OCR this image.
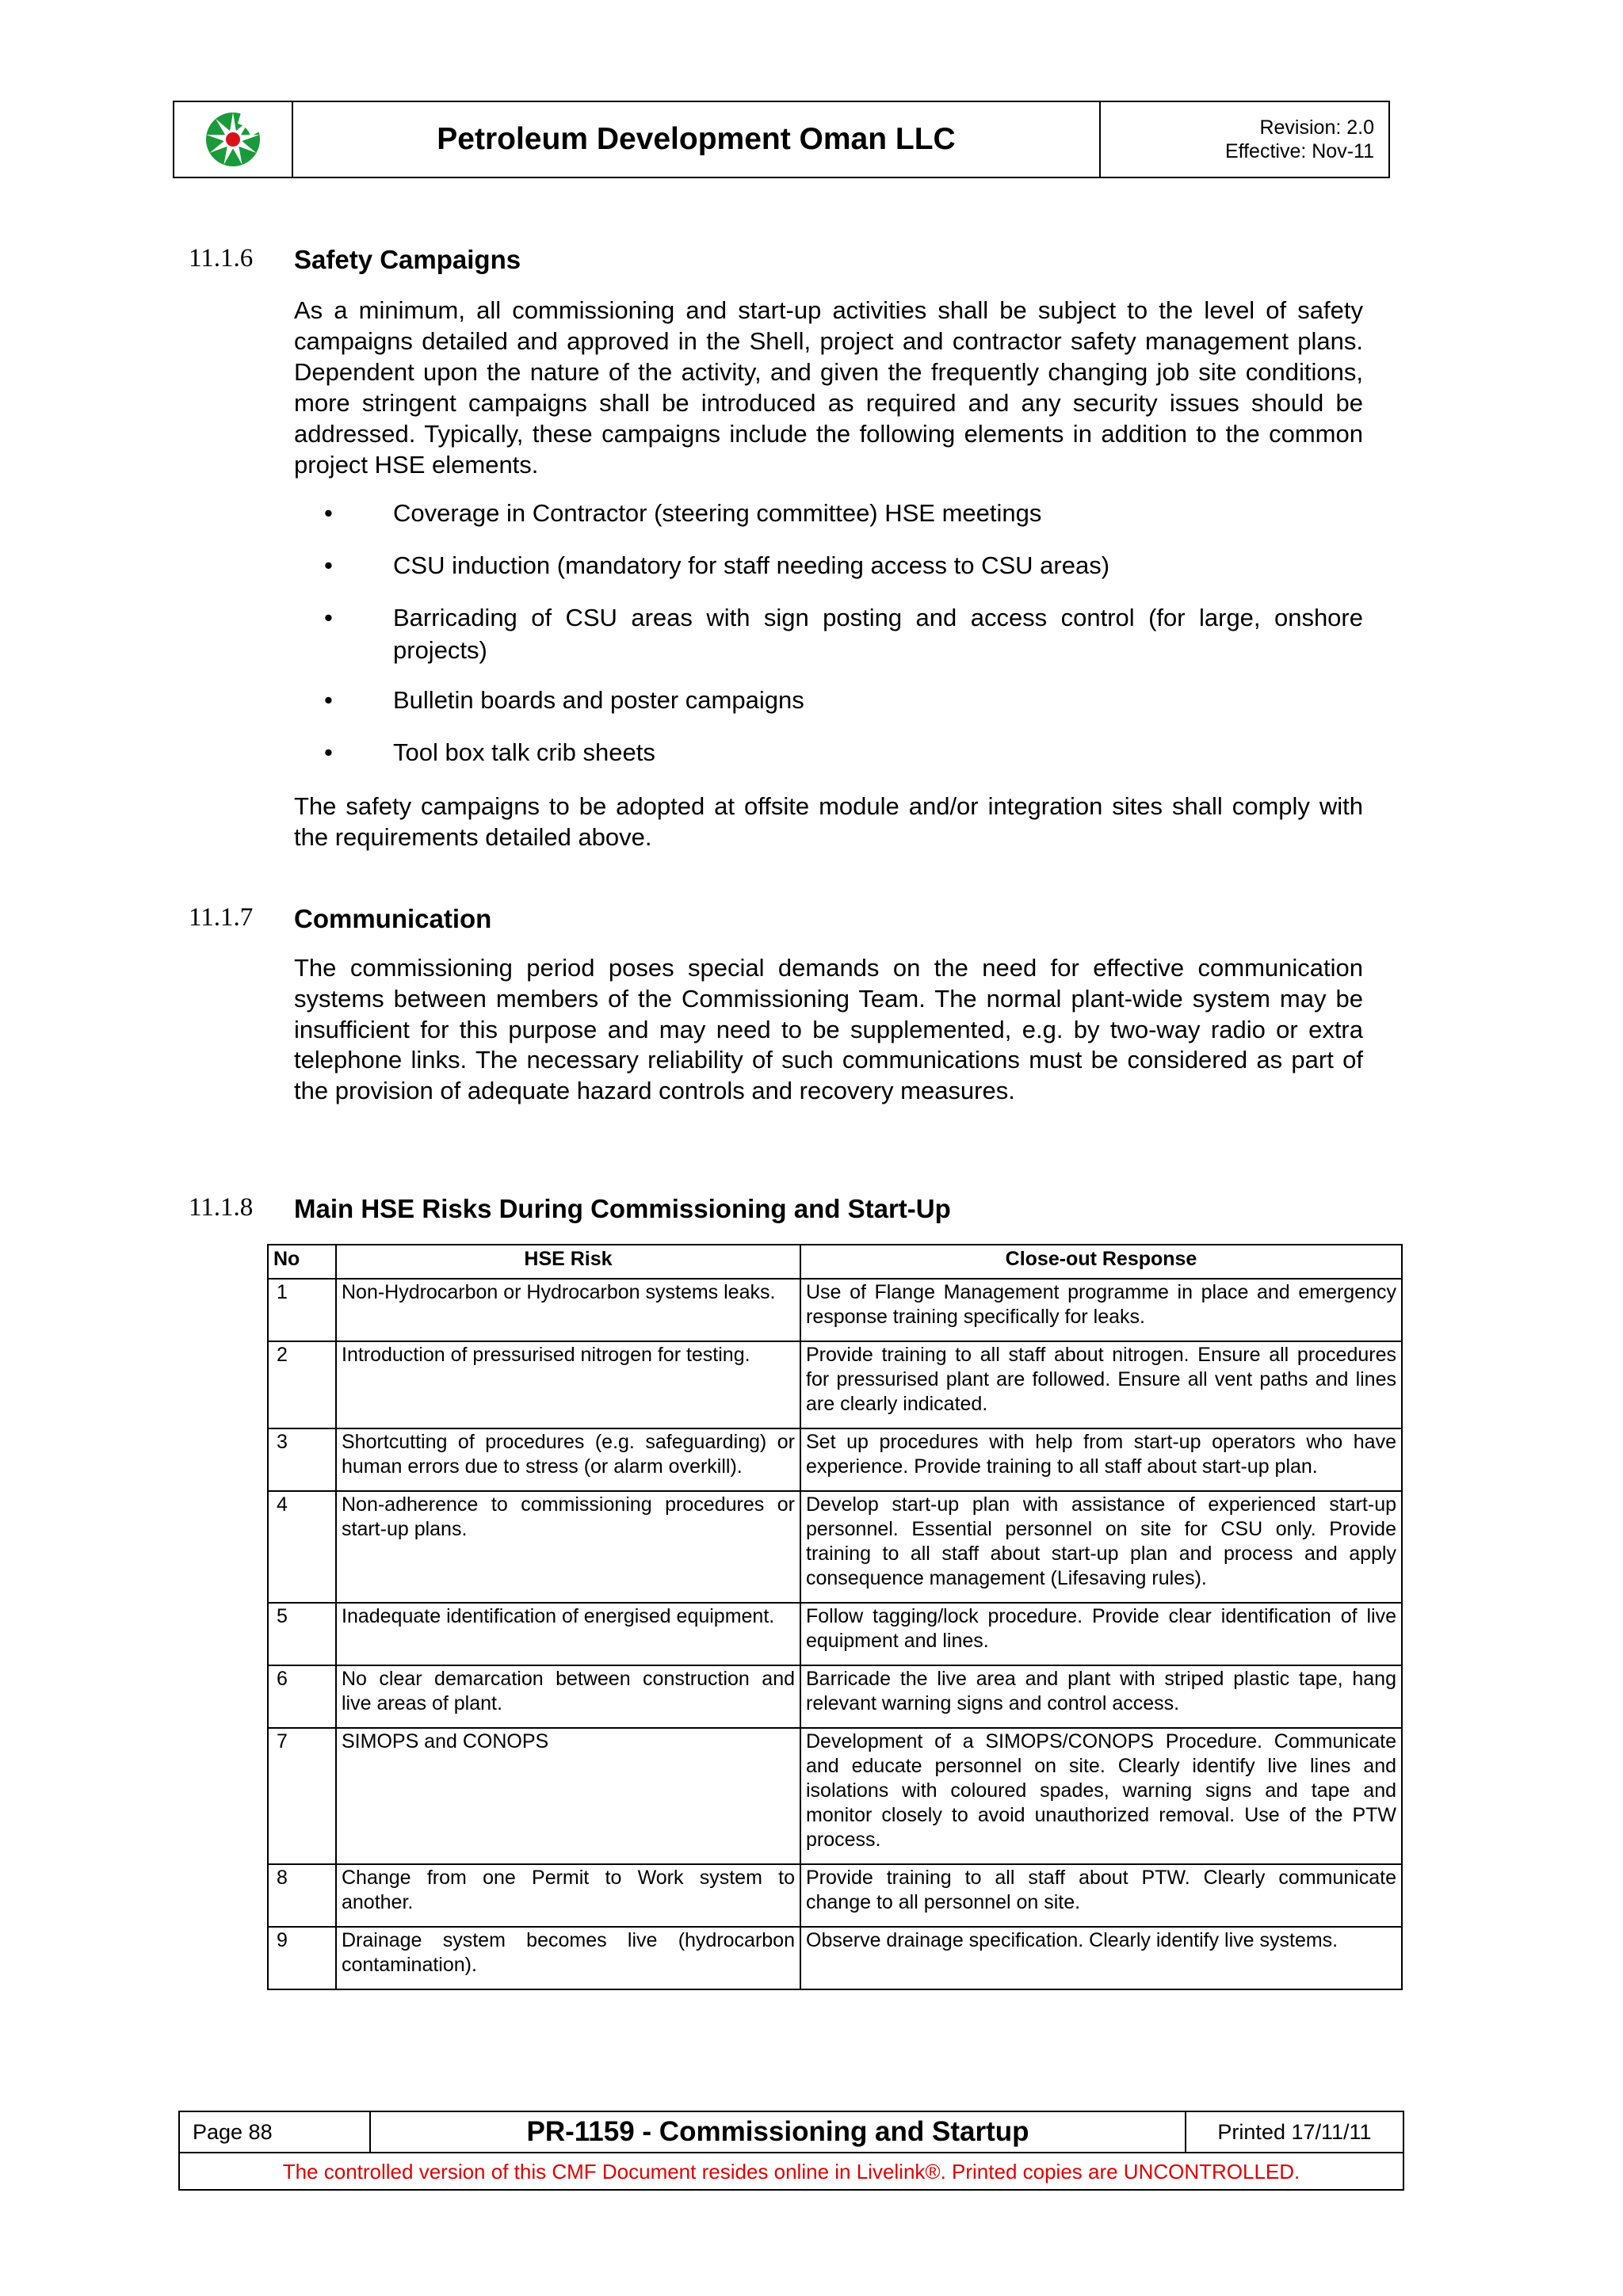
Petroleum Development Oman LLC	Revision: 2.0
Effective: Nov-11
11.1.6 Safety Campaigns

As a minimum, all commissioning and start-up activities shall be subject to the level of safety campaigns detailed and approved in the Shell, project and contractor safety management plans. Dependent upon the nature of the activity, and given the frequently changing job site conditions, more stringent campaigns shall be introduced as required and any security issues should be addressed. Typically, these campaigns include the following elements in addition to the common project HSE elements.

• Coverage in Contractor (steering committee) HSE meetings
• CSU induction (mandatory for staff needing access to CSU areas)
• Barricading of CSU areas with sign posting and access control (for large, onshore projects)
• Bulletin boards and poster campaigns
• Tool box talk crib sheets

The safety campaigns to be adopted at offsite module and/or integration sites shall comply with the requirements detailed above.

11.1.7 Communication

The commissioning period poses special demands on the need for effective communication systems between members of the Commissioning Team. The normal plant-wide system may be insufficient for this purpose and may need to be supplemented, e.g. by two-way radio or extra telephone links. The necessary reliability of such communications must be considered as part of the provision of adequate hazard controls and recovery measures.

11.1.8 Main HSE Risks During Commissioning and Start-Up
No	HSE Risk	Close-out Response
1	Non-Hydrocarbon or Hydrocarbon systems leaks.	Use of Flange Management programme in place and emergency response training specifically for leaks.
2	Introduction of pressurised nitrogen for testing.	Provide training to all staff about nitrogen. Ensure all procedures for pressurised plant are followed. Ensure all vent paths and lines are clearly indicated.
3	Shortcutting of procedures (e.g. safeguarding) or human errors due to stress (or alarm overkill).	Set up procedures with help from start-up operators who have experience. Provide training to all staff about start-up plan.
4	Non-adherence to commissioning procedures or start-up plans.	Develop start-up plan with assistance of experienced start-up personnel. Essential personnel on site for CSU only. Provide training to all staff about start-up plan and process and apply consequence management (Lifesaving rules).
5	Inadequate identification of energised equipment.	Follow tagging/lock procedure. Provide clear identification of live equipment and lines.
6	No clear demarcation between construction and live areas of plant.	Barricade the live area and plant with striped plastic tape, hang relevant warning signs and control access.
7	SIMOPS and CONOPS	Development of a SIMOPS/CONOPS Procedure. Communicate and educate personnel on site. Clearly identify live lines and isolations with coloured spades, warning signs and tape and monitor closely to avoid unauthorized removal. Use of the PTW process.
8	Change from one Permit to Work system to another.	Provide training to all staff about PTW. Clearly communicate change to all personnel on site.
9	Drainage system becomes live (hydrocarbon contamination).	Observe drainage specification. Clearly identify live systems.
Page 88	PR-1159 - Commissioning and Startup	Printed 17/11/11
The controlled version of this CMF Document resides online in Livelink®. Printed copies are UNCONTROLLED.
